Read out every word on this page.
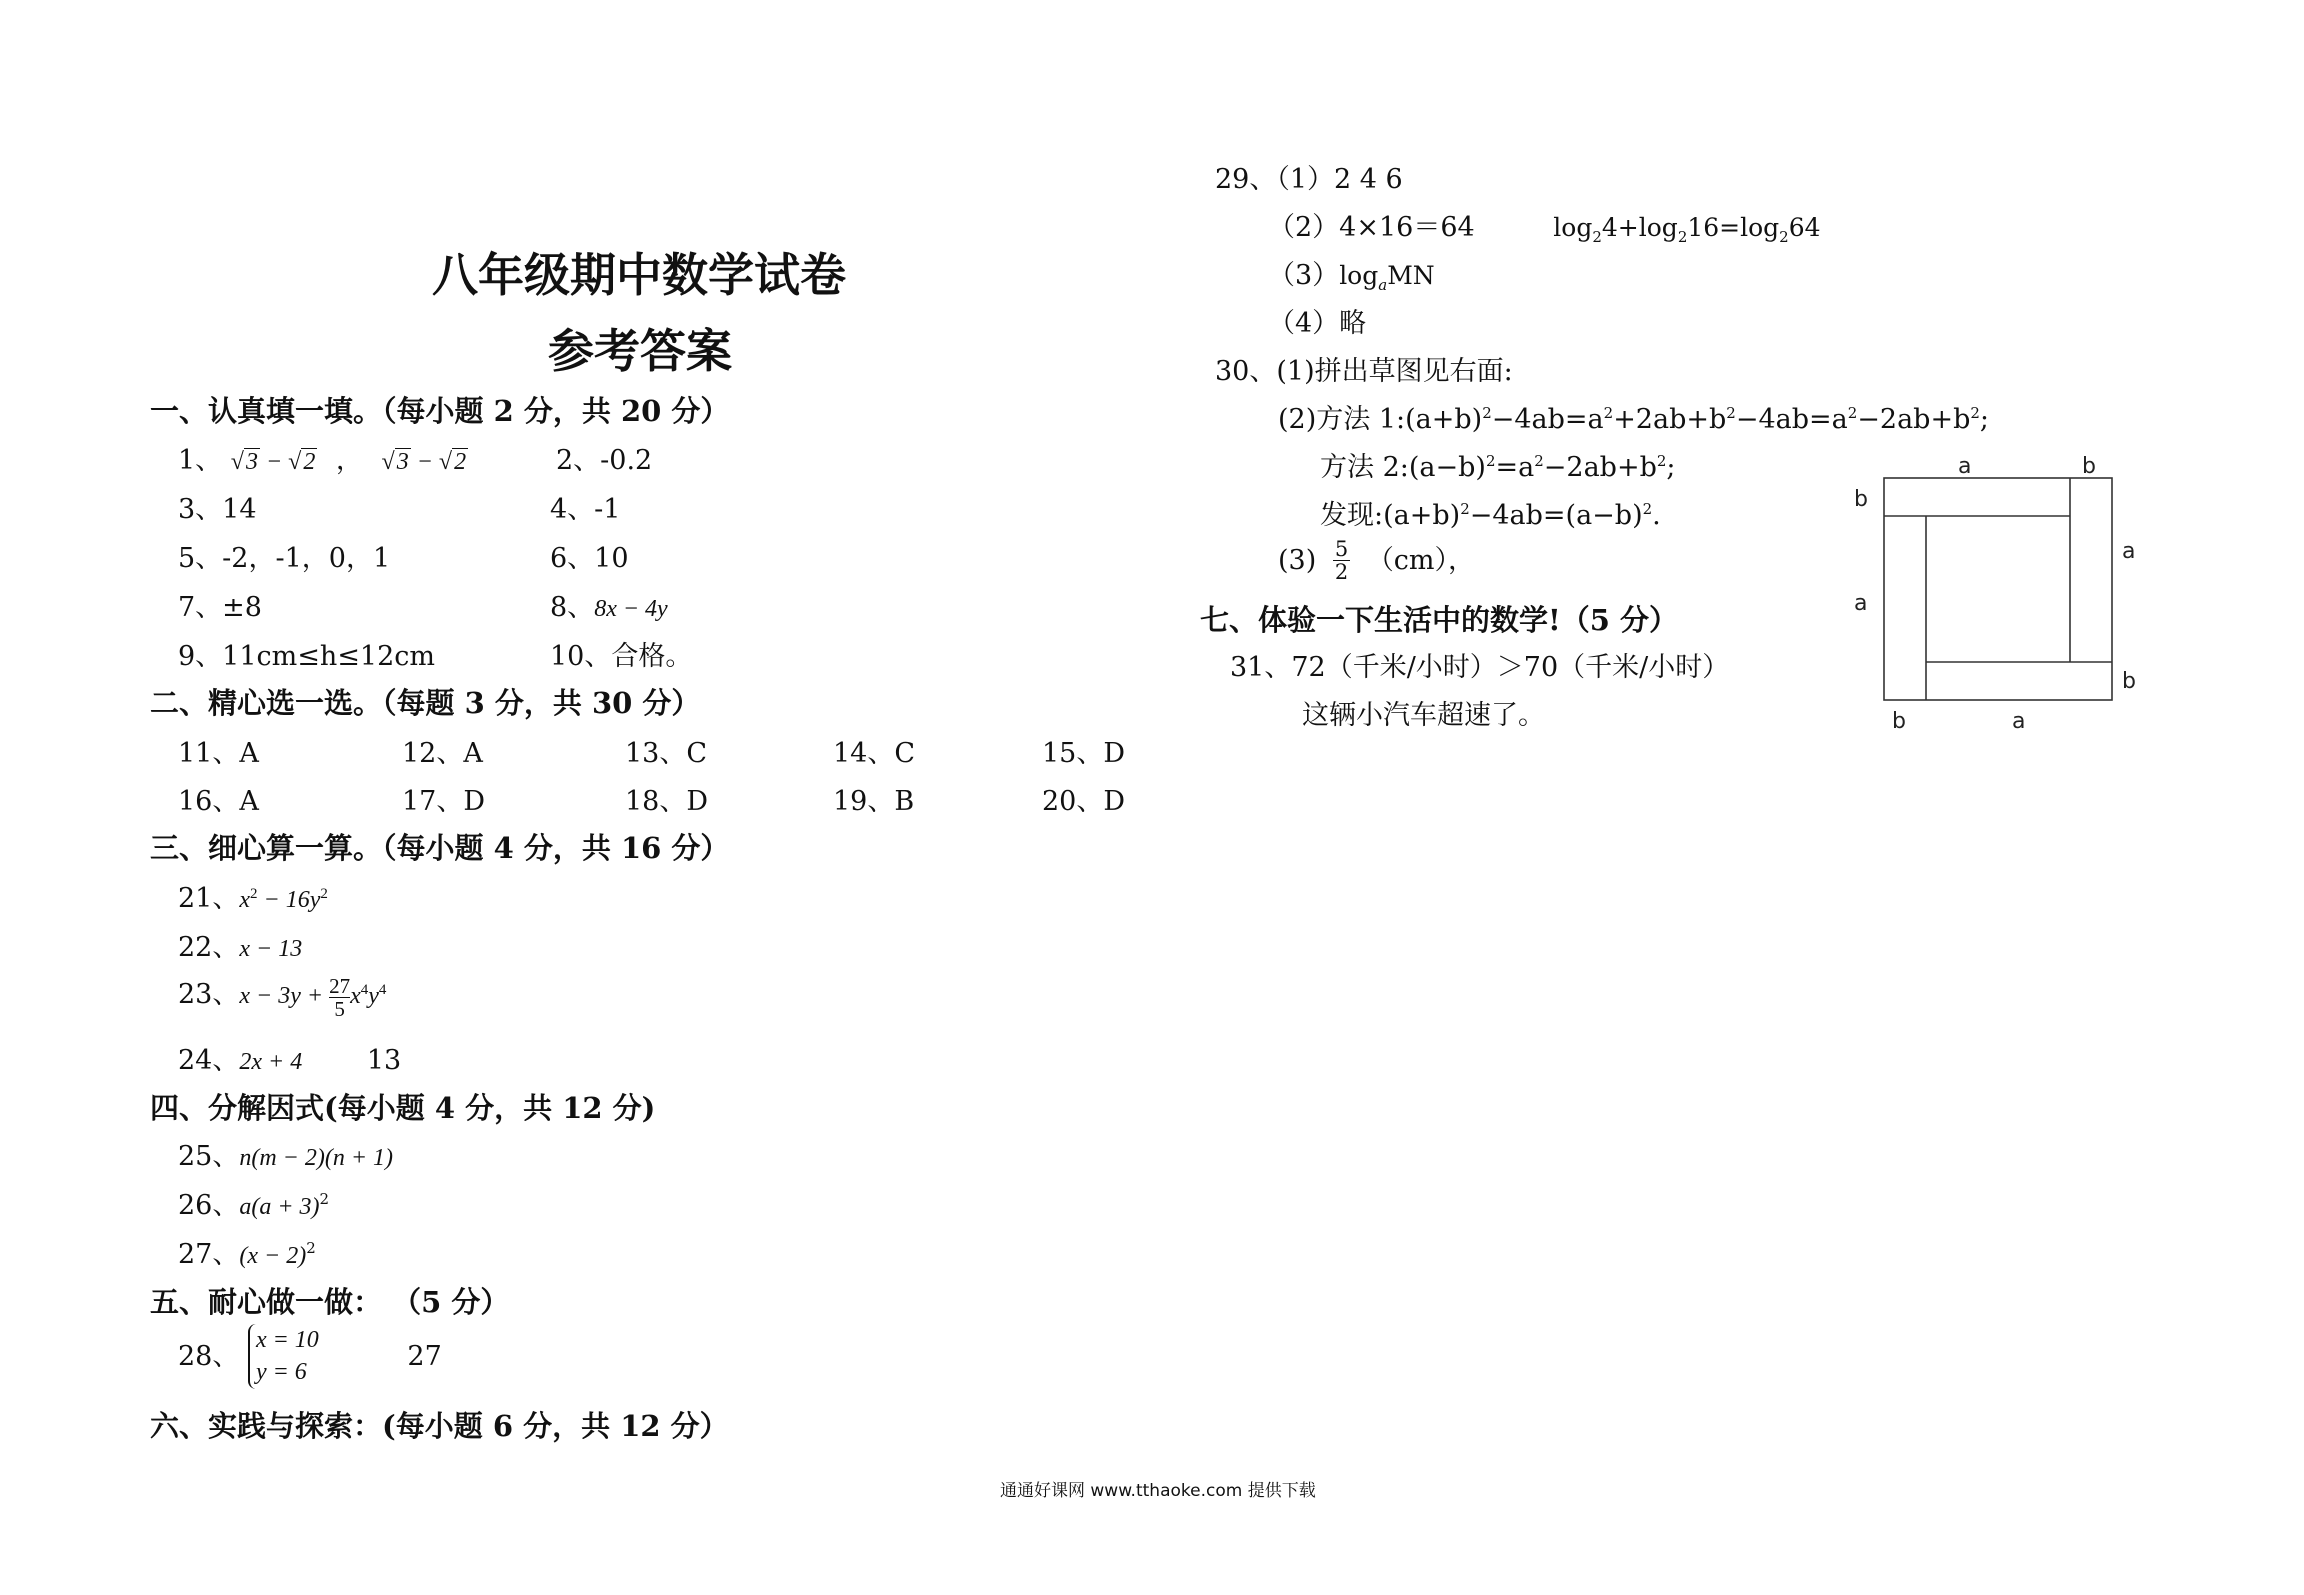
八年级期中数学试卷
参考答案
一、认真填一填。（每小题 2 分，共 20 分）
1、 √3 − √2 ， √3 − √2	2、-0.2
3、14	4、-1
5、-2，-1，0，1	6、10
7、±8	8、8x − 4y
9、11cm≤h≤12cm	10、合格。
二、精心选一选。（每题 3 分，共 30 分）
11、A	12、A	13、C	14、C	15、D
16、A	17、D	18、D	19、B	20、D
三、细心算一算。（每小题 4 分，共 16 分）
21、$x^2 - 16y^2$
22、x − 13
23、$x - 3y + \frac{27}{5} x^4y^4$
24、2x + 4 13
四、分解因式(每小题 4 分，共 12 分)
25、n(m − 2)(n + 1)
26、$a(a + 3)^2$
27、$(x - 2)^2$
五、耐心做一做： （5 分）
28、
x = 10
y = 6
27
六、实践与探索：(每小题 6 分，共 12 分）
29、（1）2 4 6
（2）4×16＝64	$\log_24+\log_216=\log_264$
$(3)\log_aMN$
（4）略
30、(1)拼出草图见右面:
(2)方法 $1:(a+b)^2-4ab=a^2+2ab+b^2-4ab=a^2-2ab+b^2$;
方法 $2:(a-b)^2=a^2-2ab+b^2$;
发现$:(a+b)^2-4ab=(a-b)^2$.
$(3) \frac{5}{2} (cm)$，
七、体验一下生活中的数学!（5 分）
31、72（千米/小时）＞70（千米/小时）
这辆小汽车超速了。
a	b
b
a
a
b
b	a
通通好课网 www.tthaoke.com 提供下载
